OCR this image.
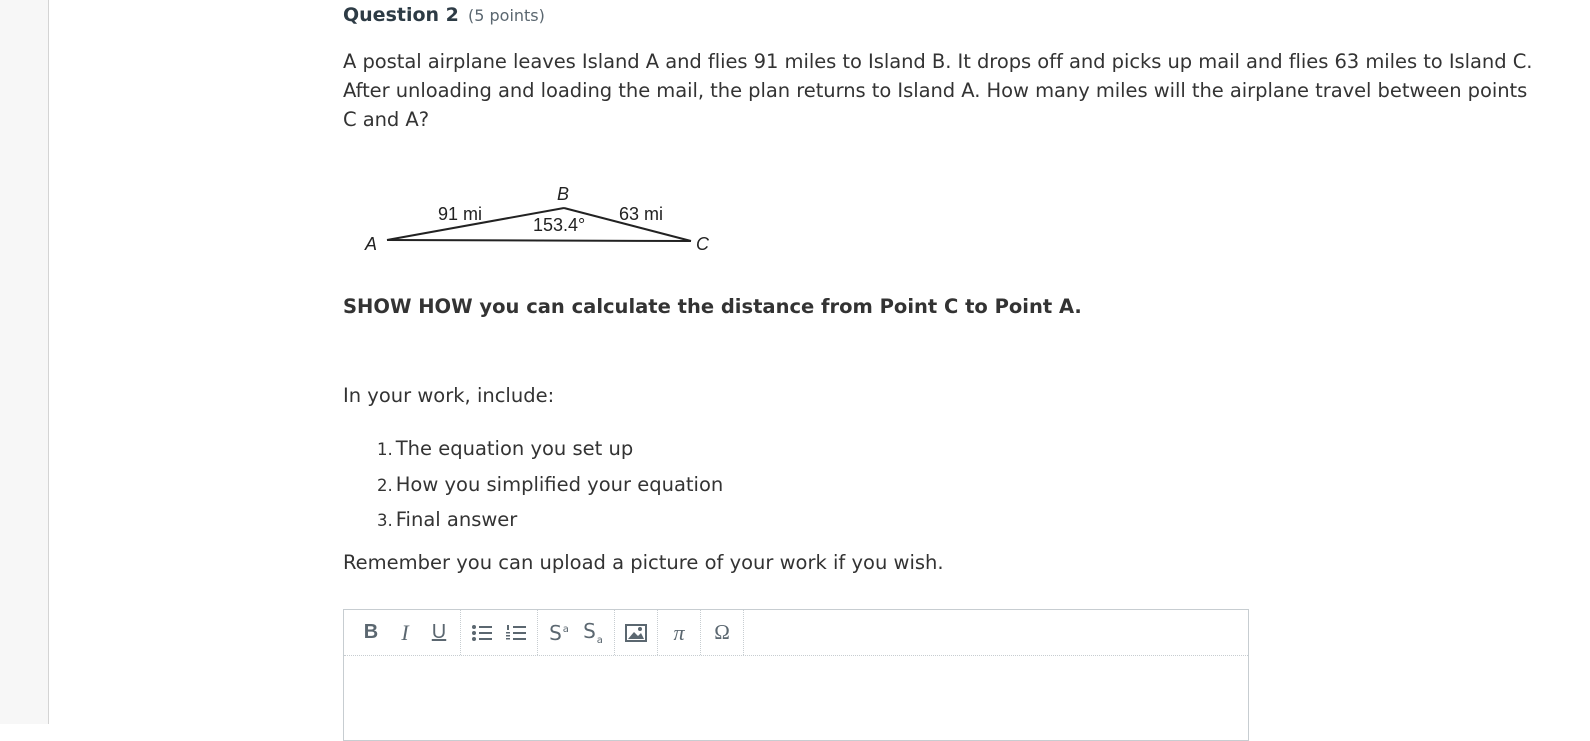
Question 2 (5 points)
A postal airplane leaves Island A and flies 91 miles to Island B. It drops off and picks up mail and flies 63 miles to Island C. After unloading and loading the mail, the plan returns to Island A. How many miles will the airplane travel between points C and A?
A
B
C
91 mi	63 mi
153.4°
SHOW HOW you can calculate the distance from Point C to Point A.
In your work, include:
1. The equation you set up
2. How you simplified your equation
3. Final answer
Remember you can upload a picture of your work if you wish.
B I U	$S^a$ $S_a$	π Ω
